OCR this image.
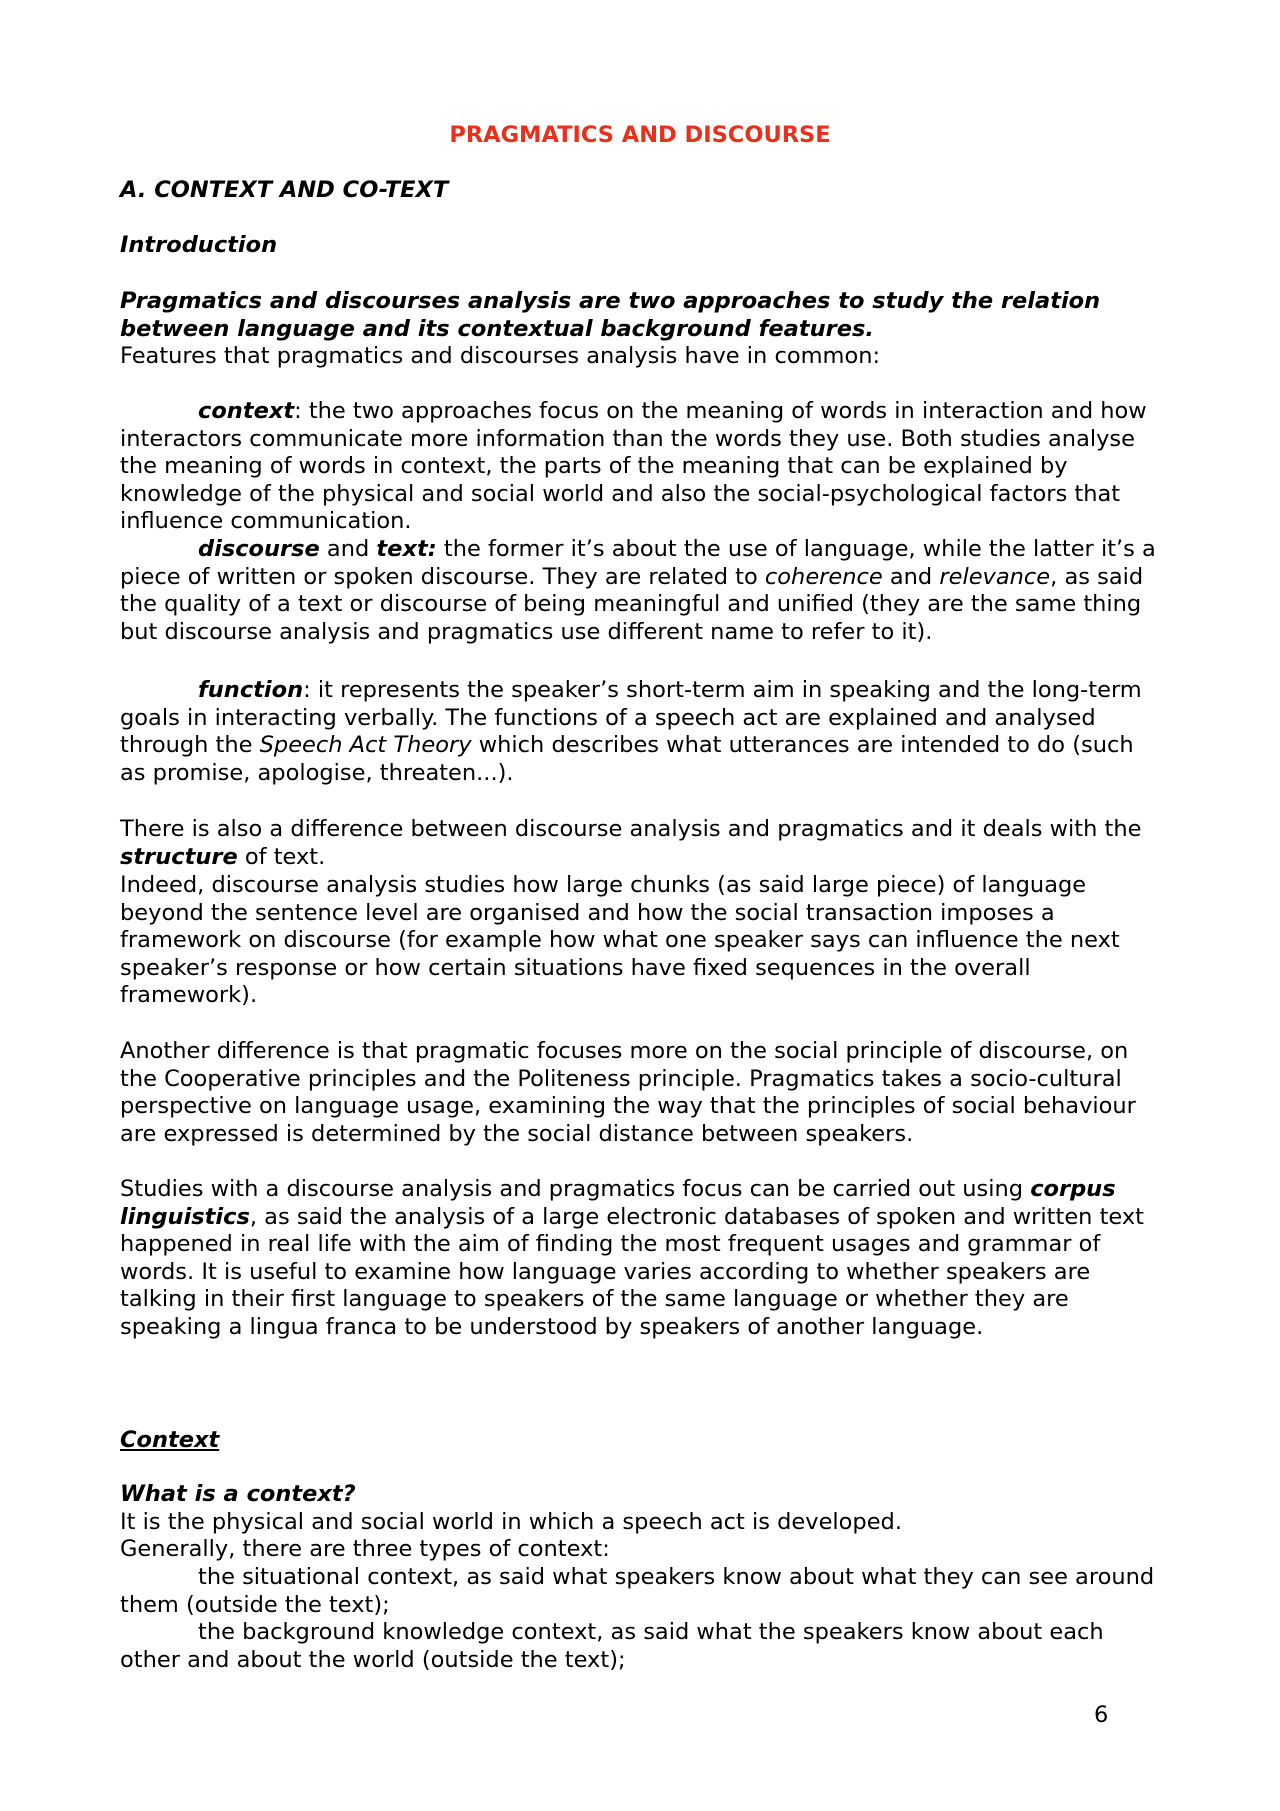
PRAGMATICS AND DISCOURSE

A. CONTEXT AND CO-TEXT

Introduction

Pragmatics and discourses analysis are two approaches to study the relation between language and its contextual background features.
Features that pragmatics and discourses analysis have in common:

context: the two approaches focus on the meaning of words in interaction and how interactors communicate more information than the words they use. Both studies analyse the meaning of words in context, the parts of the meaning that can be explained by knowledge of the physical and social world and also the social-psychological factors that influence communication.

discourse and text: the former it’s about the use of language, while the latter it’s a piece of written or spoken discourse. They are related to coherence and relevance, as said the quality of a text or discourse of being meaningful and unified (they are the same thing but discourse analysis and pragmatics use different name to refer to it).

function: it represents the speaker’s short-term aim in speaking and the long-term goals in interacting verbally. The functions of a speech act are explained and analysed through the Speech Act Theory which describes what utterances are intended to do (such as promise, apologise, threaten...).

There is also a difference between discourse analysis and pragmatics and it deals with the structure of text.

Indeed, discourse analysis studies how large chunks (as said large piece) of language beyond the sentence level are organised and how the social transaction imposes a framework on discourse (for example how what one speaker says can influence the next speaker’s response or how certain situations have fixed sequences in the overall framework).

Another difference is that pragmatic focuses more on the social principle of discourse, on the Cooperative principles and the Politeness principle. Pragmatics takes a socio-cultural perspective on language usage, examining the way that the principles of social behaviour are expressed is determined by the social distance between speakers.

Studies with a discourse analysis and pragmatics focus can be carried out using corpus linguistics, as said the analysis of a large electronic databases of spoken and written text happened in real life with the aim of finding the most frequent usages and grammar of words. It is useful to examine how language varies according to whether speakers are talking in their first language to speakers of the same language or whether they are speaking a lingua franca to be understood by speakers of another language.

Context

What is a context?
It is the physical and social world in which a speech act is developed.
Generally, there are three types of context:

the situational context, as said what speakers know about what they can see around them (outside the text);

the background knowledge context, as said what the speakers know about each other and about the world (outside the text);

6
